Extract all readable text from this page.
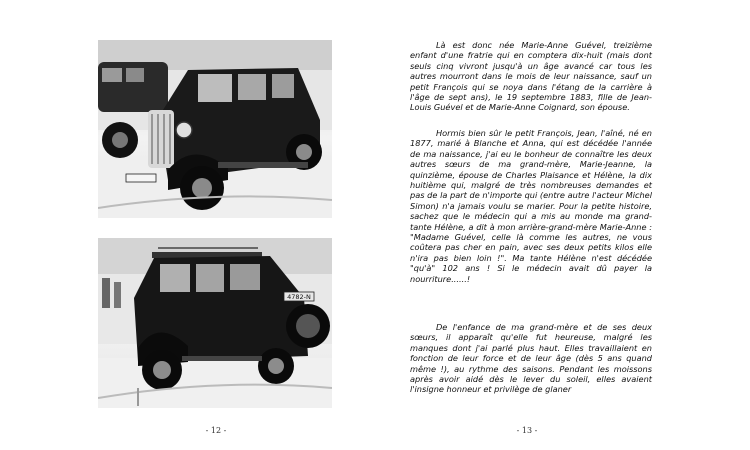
4782-N
- 12 -	- 13 -

Là est donc née Marie-Anne Guével, treizième enfant d'une fratrie qui en comptera dix-huit (mais dont seuls cinq vivront jusqu'à un âge avancé car tous les autres mourront dans le mois de leur naissance, sauf un petit François qui se noya dans l'étang de la carrière à l'âge de sept ans), le 19 septembre 1883, fille de Jean-Louis Guével et de Marie-Anne Coignard, son épouse.

Hormis bien sûr le petit François, Jean, l'aîné, né en 1877, marié à Blanche et Anna, qui est décédée l'année de ma naissance, j'ai eu le bonheur de connaître les deux autres sœurs de ma grand-mère, Marie-Jeanne, la quinzième, épouse de Charles Plaisance et Hélène, la dix huitième qui, malgré de très nombreuses demandes et pas de la part de n'importe qui (entre autre l'acteur Michel Simon) n'a jamais voulu se marier. Pour la petite histoire, sachez que le médecin qui a mis au monde ma grand-tante Hélène, a dit à mon arrière-grand-mère Marie-Anne : "Madame Guével, celle là comme les autres, ne vous coûtera pas cher en pain, avec ses deux petits kilos elle n'ira pas bien loin !". Ma tante Hélène n'est décédée "qu'à" 102 ans ! Si le médecin avait dû payer la nourriture......!

De l'enfance de ma grand-mère et de ses deux sœurs, il apparaît qu'elle fut heureuse, malgré les manques dont j'ai parlé plus haut. Elles travaillaient en fonction de leur force et de leur âge (dès 5 ans quand même !), au rythme des saisons. Pendant les moissons après avoir aidé dès le lever du soleil, elles avaient l'insigne honneur et privilège de glaner
